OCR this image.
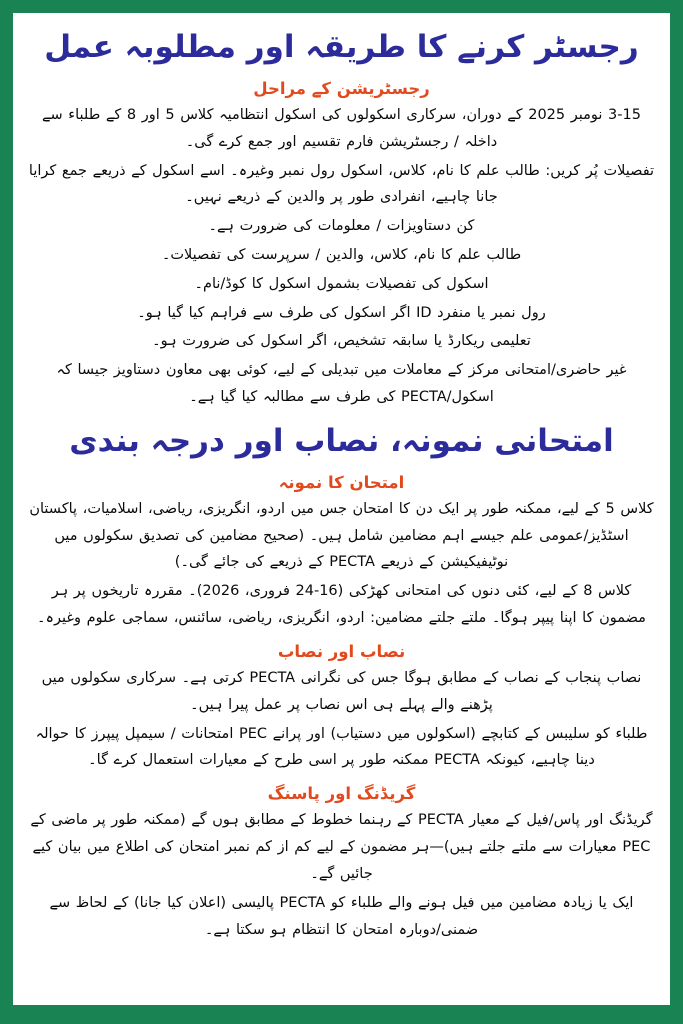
رجسٹر کرنے کا طریقہ اور مطلوبہ عمل
رجسٹریشن کے مراحل

3-15 نومبر 2025 کے دوران، سرکاری اسکولوں کی اسکول انتظامیہ کلاس 5 اور 8 کے طلباء سے داخلہ / رجسٹریشن فارم تقسیم اور جمع کرے گی۔

تفصیلات پُر کریں: طالب علم کا نام، کلاس، اسکول رول نمبر وغیرہ۔ اسے اسکول کے ذریعے جمع کرایا جانا چاہیے، انفرادی طور پر والدین کے ذریعے نہیں۔

کن دستاویزات / معلومات کی ضرورت ہے۔

طالب علم کا نام، کلاس، والدین / سرپرست کی تفصیلات۔

اسکول کی تفصیلات بشمول اسکول کا کوڈ/نام۔

رول نمبر یا منفرد ID اگر اسکول کی طرف سے فراہم کیا گیا ہو۔

تعلیمی ریکارڈ یا سابقہ تشخیص، اگر اسکول کی ضرورت ہو۔

غیر حاضری/امتحانی مرکز کے معاملات میں تبدیلی کے لیے، کوئی بھی معاون دستاویز جیسا کہ اسکول/PECTA کی طرف سے مطالبہ کیا گیا ہے۔

امتحانی نمونہ، نصاب اور درجہ بندی
امتحان کا نمونہ

کلاس 5 کے لیے، ممکنہ طور پر ایک دن کا امتحان جس میں اردو، انگریزی، ریاضی، اسلامیات، پاکستان اسٹڈیز/عمومی علم جیسے اہم مضامین شامل ہیں۔ (صحیح مضامین کی تصدیق سکولوں میں نوٹیفیکیشن کے ذریعے PECTA کے ذریعے کی جائے گی۔)

کلاس 8 کے لیے، کئی دنوں کی امتحانی کھڑکی (16-24 فروری، 2026)۔ مقررہ تاریخوں پر ہر مضمون کا اپنا پیپر ہوگا۔ ملتے جلتے مضامین: اردو، انگریزی، ریاضی، سائنس، سماجی علوم وغیرہ۔

نصاب اور نصاب

نصاب پنجاب کے نصاب کے مطابق ہوگا جس کی نگرانی PECTA کرتی ہے۔ سرکاری سکولوں میں پڑھنے والے پہلے ہی اس نصاب پر عمل پیرا ہیں۔

طلباء کو سلیبس کے کتابچے (اسکولوں میں دستیاب) اور پرانے PEC امتحانات / سیمپل پیپرز کا حوالہ دینا چاہیے، کیونکہ PECTA ممکنہ طور پر اسی طرح کے معیارات استعمال کرے گا۔

گریڈنگ اور پاسنگ

گریڈنگ اور پاس/فیل کے معیار PECTA کے رہنما خطوط کے مطابق ہوں گے (ممکنہ طور پر ماضی کے PEC معیارات سے ملتے جلتے ہیں)—ہر مضمون کے لیے کم از کم نمبر امتحان کی اطلاع میں بیان کیے جائیں گے۔

ایک یا زیادہ مضامین میں فیل ہونے والے طلباء کو PECTA پالیسی (اعلان کیا جانا) کے لحاظ سے ضمنی/دوبارہ امتحان کا انتظام ہو سکتا ہے۔
